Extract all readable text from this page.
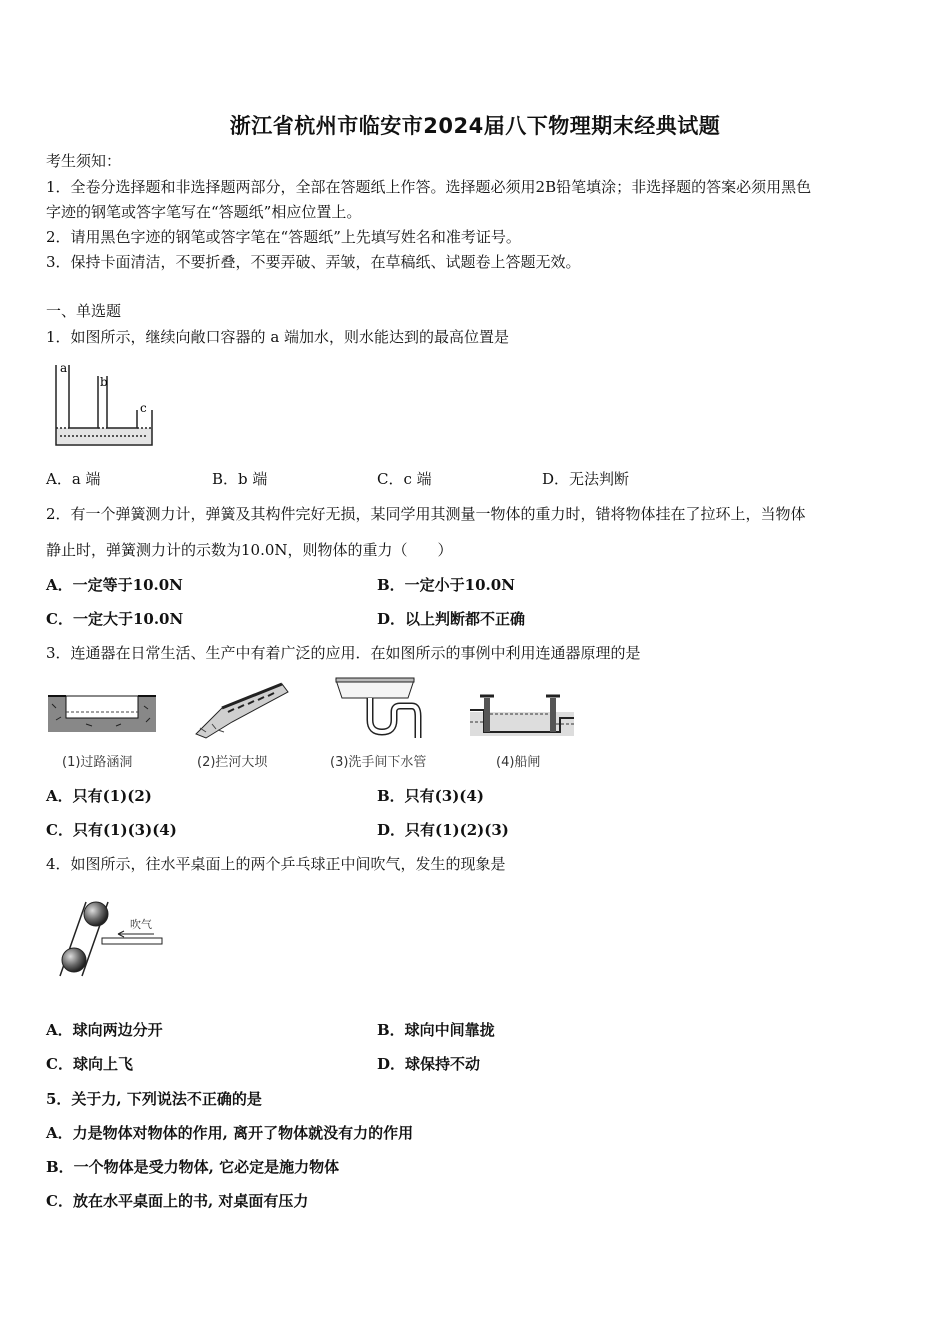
浙江省杭州市临安市2024届八下物理期末经典试题
考生须知：
1．全卷分选择题和非选择题两部分，全部在答题纸上作答。选择题必须用2B铅笔填涂；非选择题的答案必须用黑色
字迹的钢笔或答字笔写在“答题纸”相应位置上。
2．请用黑色字迹的钢笔或答字笔在“答题纸”上先填写姓名和准考证号。
3．保持卡面清洁，不要折叠，不要弄破、弄皱，在草稿纸、试题卷上答题无效。
一、单选题
1．如图所示，继续向敞口容器的 a 端加水，则水能达到的最高位置是
a
b
c
A．a 端	B．b 端	C．c 端	D．无法判断
2．有一个弹簧测力计，弹簧及其构件完好无损，某同学用其测量一物体的重力时，错将物体挂在了拉环上，当物体
静止时，弹簧测力计的示数为10.0N，则物体的重力（　　）
A．一定等于10.0N	B．一定小于10.0N
C．一定大于10.0N	D．以上判断都不正确
3．连通器在日常生活、生产中有着广泛的应用．在如图所示的事例中利用连通器原理的是
(1)过路涵洞	(2)拦河大坝	(3)洗手间下水管	(4)船闸
A．只有(1)(2)	B．只有(3)(4)
C．只有(1)(3)(4)	D．只有(1)(2)(3)
4．如图所示，往水平桌面上的两个乒乓球正中间吹气，发生的现象是
吹气
A．球向两边分开	B．球向中间靠拢
C．球向上飞	D．球保持不动
5．关于力, 下列说法不正确的是
A．力是物体对物体的作用, 离开了物体就没有力的作用
B．一个物体是受力物体, 它必定是施力物体
C．放在水平桌面上的书, 对桌面有压力
